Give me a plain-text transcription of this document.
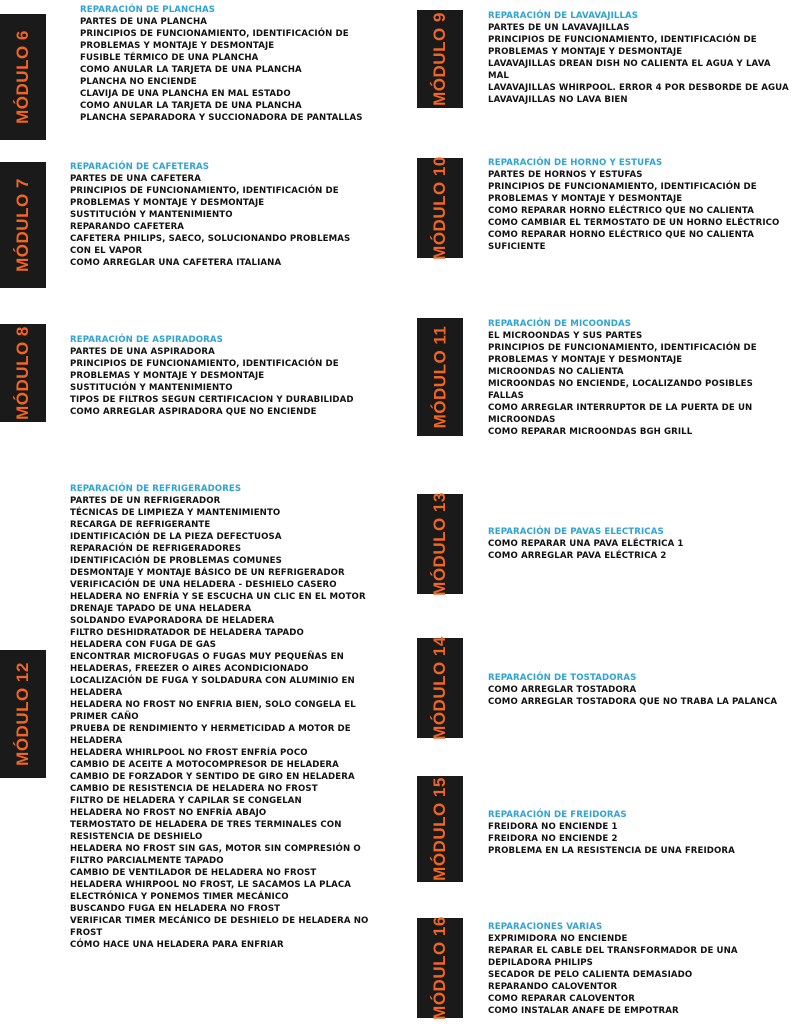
MÓDULO 6
MÓDULO 7
MÓDULO 8
MÓDULO 12
MÓDULO 9
MÓDULO 10
MÓDULO 11
MÓDULO 13
MÓDULO 14
MÓDULO 15
MÓDULO 16
REPARACIÓN DE PLANCHAS
PARTES DE UNA PLANCHA
PRINCIPIOS DE FUNCIONAMIENTO, IDENTIFICACIÓN DE
PROBLEMAS Y MONTAJE Y DESMONTAJE
FUSIBLE TÉRMICO DE UNA PLANCHA
COMO ANULAR LA TARJETA DE UNA PLANCHA
PLANCHA NO ENCIENDE
CLAVIJA DE UNA PLANCHA EN MAL ESTADO
COMO ANULAR LA TARJETA DE UNA PLANCHA
PLANCHA SEPARADORA Y SUCCIONADORA DE PANTALLAS
REPARACIÓN DE CAFETERAS
PARTES DE UNA CAFETERA
PRINCIPIOS DE FUNCIONAMIENTO, IDENTIFICACIÓN DE
PROBLEMAS Y MONTAJE Y DESMONTAJE
SUSTITUCIÓN Y MANTENIMIENTO
REPARANDO CAFETERA
CAFETERA PHILIPS, SAECO, SOLUCIONANDO PROBLEMAS
CON EL VAPOR
COMO ARREGLAR UNA CAFETERA ITALIANA
REPARACIÓN DE ASPIRADORAS
PARTES DE UNA ASPIRADORA
PRINCIPIOS DE FUNCIONAMIENTO, IDENTIFICACIÓN DE
PROBLEMAS Y MONTAJE Y DESMONTAJE
SUSTITUCIÓN Y MANTENIMIENTO
TIPOS DE FILTROS SEGUN CERTIFICACION Y DURABILIDAD
COMO ARREGLAR ASPIRADORA QUE NO ENCIENDE
REPARACIÓN DE REFRIGERADORES
PARTES DE UN REFRIGERADOR
TÉCNICAS DE LIMPIEZA Y MANTENIMIENTO
RECARGA DE REFRIGERANTE
IDENTIFICACIÓN DE LA PIEZA DEFECTUOSA
REPARACIÓN DE REFRIGERADORES
IDENTIFICACIÓN DE PROBLEMAS COMUNES
DESMONTAJE Y MONTAJE BÁSICO DE UN REFRIGERADOR
VERIFICACIÓN DE UNA HELADERA - DESHIELO CASERO
HELADERA NO ENFRÍA Y SE ESCUCHA UN CLIC EN EL MOTOR
DRENAJE TAPADO DE UNA HELADERA
SOLDANDO EVAPORADORA DE HELADERA
FILTRO DESHIDRATADOR DE HELADERA TAPADO
HELADERA CON FUGA DE GAS
ENCONTRAR MICROFUGAS O FUGAS MUY PEQUEÑAS EN
HELADERAS, FREEZER O AIRES ACONDICIONADO
LOCALIZACIÓN DE FUGA Y SOLDADURA CON ALUMINIO EN
HELADERA
HELADERA NO FROST NO ENFRIA BIEN, SOLO CONGELA EL
PRIMER CAÑO
PRUEBA DE RENDIMIENTO Y HERMETICIDAD A MOTOR DE
HELADERA
HELADERA WHIRLPOOL NO FROST ENFRÍA POCO
CAMBIO DE ACEITE A MOTOCOMPRESOR DE HELADERA
CAMBIO DE FORZADOR Y SENTIDO DE GIRO EN HELADERA
CAMBIO DE RESISTENCIA DE HELADERA NO FROST
FILTRO DE HELADERA Y CAPILAR SE CONGELAN
HELADERA NO FROST NO ENFRÍA ABAJO
TERMOSTATO DE HELADERA DE TRES TERMINALES CON
RESISTENCIA DE DESHIELO
HELADERA NO FROST SIN GAS, MOTOR SIN COMPRESIÓN O
FILTRO PARCIALMENTE TAPADO
CAMBIO DE VENTILADOR DE HELADERA NO FROST
HELADERA WHIRPOOL NO FROST, LE SACAMOS LA PLACA
ELECTRÓNICA Y PONEMOS TIMER MECÁNICO
BUSCANDO FUGA EN HELADERA NO FROST
VERIFICAR TIMER MECÁNICO DE DESHIELO DE HELADERA NO
FROST
CÓMO HACE UNA HELADERA PARA ENFRIAR
REPARACIÓN DE LAVAVAJILLAS
PARTES DE UN LAVAVAJILLAS
PRINCIPIOS DE FUNCIONAMIENTO, IDENTIFICACIÓN DE
PROBLEMAS Y MONTAJE Y DESMONTAJE
LAVAVAJILLAS DREAN DISH NO CALIENTA EL AGUA Y LAVA
MAL
LAVAVAJILLAS WHIRPOOL. ERROR 4 POR DESBORDE DE AGUA
LAVAVAJILLAS NO LAVA BIEN
REPARACIÓN DE HORNO Y ESTUFAS
PARTES DE HORNOS Y ESTUFAS
PRINCIPIOS DE FUNCIONAMIENTO, IDENTIFICACIÓN DE
PROBLEMAS Y MONTAJE Y DESMONTAJE
COMO REPARAR HORNO ELÉCTRICO QUE NO CALIENTA
COMO CAMBIAR EL TERMOSTATO DE UN HORNO ELÉCTRICO
COMO REPARAR HORNO ELÉCTRICO QUE NO CALIENTA
SUFICIENTE
REPARACIÓN DE MICOONDAS
EL MICROONDAS Y SUS PARTES
PRINCIPIOS DE FUNCIONAMIENTO, IDENTIFICACIÓN DE
PROBLEMAS Y MONTAJE Y DESMONTAJE
MICROONDAS NO CALIENTA
MICROONDAS NO ENCIENDE, LOCALIZANDO POSIBLES
FALLAS
COMO ARREGLAR INTERRUPTOR DE LA PUERTA DE UN
MICROONDAS
COMO REPARAR MICROONDAS BGH GRILL
REPARACIÓN DE PAVAS ELECTRICAS
COMO REPARAR UNA PAVA ELÉCTRICA 1
COMO ARREGLAR PAVA ELÉCTRICA 2
REPARACIÓN DE TOSTADORAS
COMO ARREGLAR TOSTADORA
COMO ARREGLAR TOSTADORA QUE NO TRABA LA PALANCA
REPARACIÓN DE FREIDORAS
FREIDORA NO ENCIENDE 1
FREIDORA NO ENCIENDE 2
PROBLEMA EN LA RESISTENCIA DE UNA FREIDORA
REPARACIONES VARIAS
EXPRIMIDORA NO ENCIENDE
REPARAR EL CABLE DEL TRANSFORMADOR DE UNA
DEPILADORA PHILIPS
SECADOR DE PELO CALIENTA DEMASIADO
REPARANDO CALOVENTOR
COMO REPARAR CALOVENTOR
COMO INSTALAR ANAFE DE EMPOTRAR
